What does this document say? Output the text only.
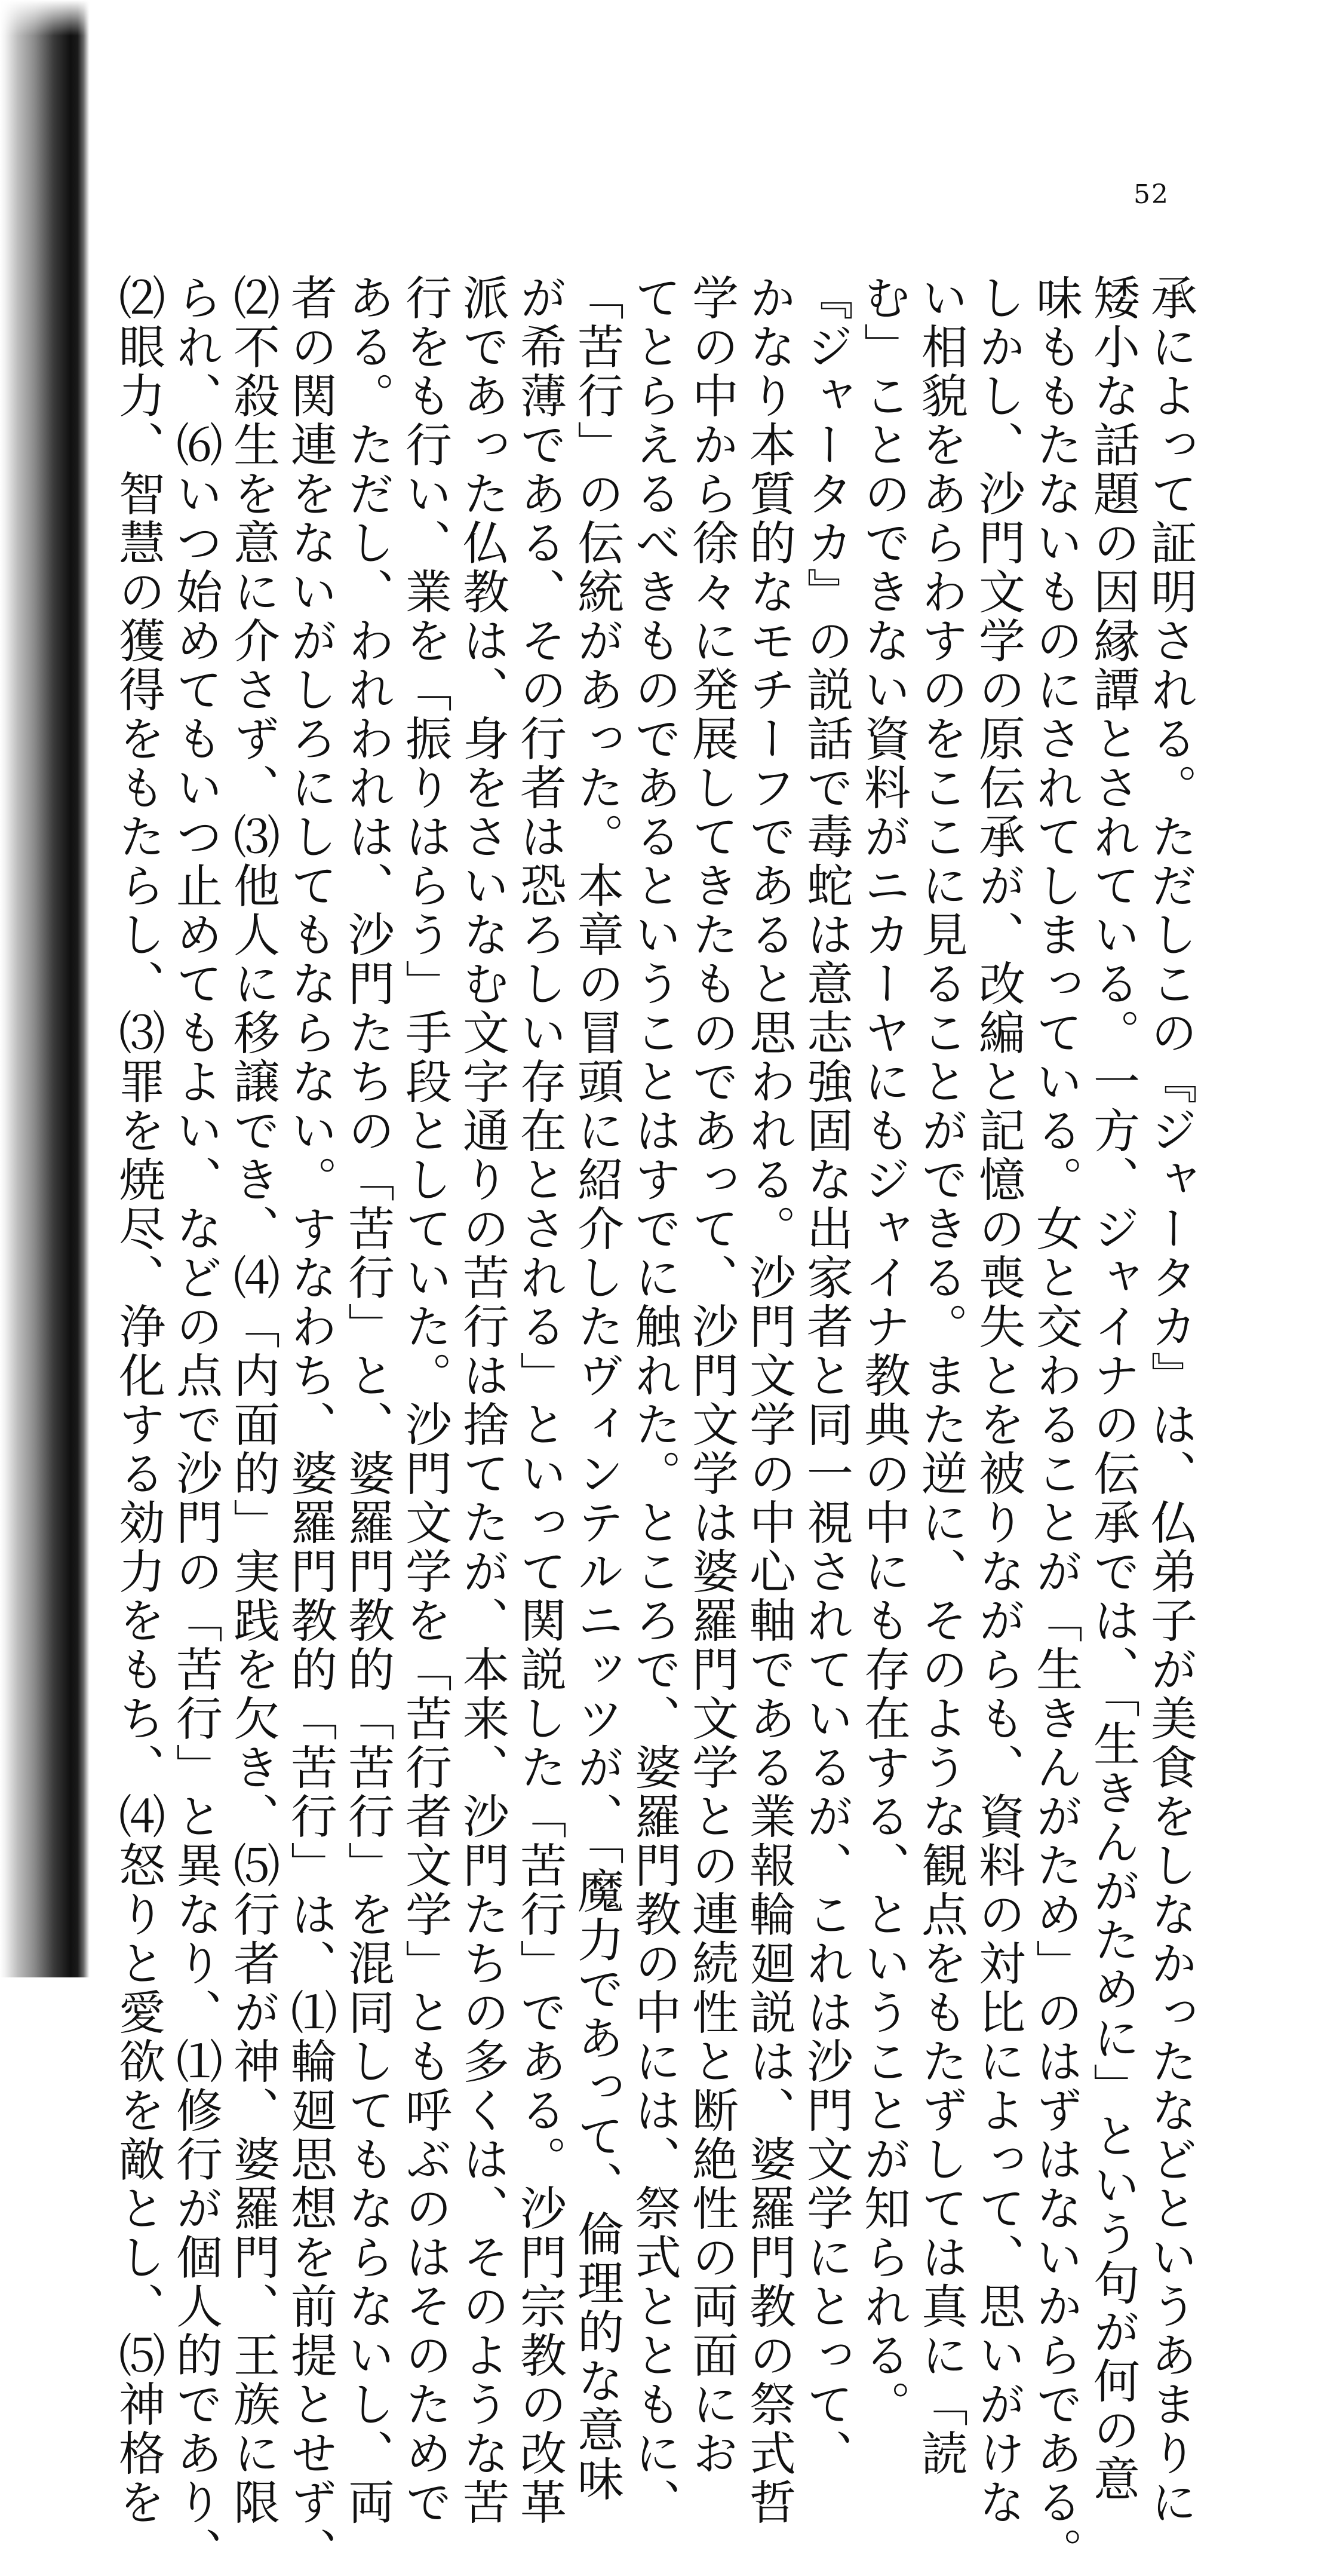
52
承によって証明される。ただしこの『ジャータカ』は、仏弟子が美食をしなかったなどというあまりに
矮小な話題の因縁譚とされている。一方、ジャイナの伝承では、「生きんがために」という句が何の意
味ももたないものにされてしまっている。女と交わることが「生きんがため」のはずはないからである。
しかし、沙門文学の原伝承が、改編と記憶の喪失とを被りながらも、資料の対比によって、思いがけな
い相貌をあらわすのをここに見ることができる。また逆に、そのような観点をもたずしては真に「読
む」ことのできない資料がニカーヤにもジャイナ教典の中にも存在する、ということが知られる。
『ジャータカ』の説話で毒蛇は意志強固な出家者と同一視されているが、これは沙門文学にとって、
かなり本質的なモチーフであると思われる。沙門文学の中心軸である業報輪廻説は、婆羅門教の祭式哲
学の中から徐々に発展してきたものであって、沙門文学は婆羅門文学との連続性と断絶性の両面にお
てとらえるべきものであるということはすでに触れた。ところで、婆羅門教の中には、祭式とともに、
「苦行」の伝統があった。本章の冒頭に紹介したヴィンテルニッツが、「魔力であって、倫理的な意味
が希薄である、その行者は恐ろしい存在とされる」といって関説した「苦行」である。沙門宗教の改革
派であった仏教は、身をさいなむ文字通りの苦行は捨てたが、本来、沙門たちの多くは、そのような苦
行をも行い、業を「振りはらう」手段としていた。沙門文学を「苦行者文学」とも呼ぶのはそのためで
ある。ただし、われわれは、沙門たちの「苦行」と、婆羅門教的「苦行」を混同してもならないし、両
者の関連をないがしろにしてもならない。すなわち、婆羅門教的「苦行」は、⑴輪廻思想を前提とせず、
⑵不殺生を意に介さず、⑶他人に移譲でき、⑷「内面的」実践を欠き、⑸行者が神、婆羅門、王族に限
られ、⑹いつ始めてもいつ止めてもよい、などの点で沙門の「苦行」と異なり、⑴修行が個人的であり、
⑵眼力、智慧の獲得をもたらし、⑶罪を焼尽、浄化する効力をもち、⑷怒りと愛欲を敵とし、⑸神格を
